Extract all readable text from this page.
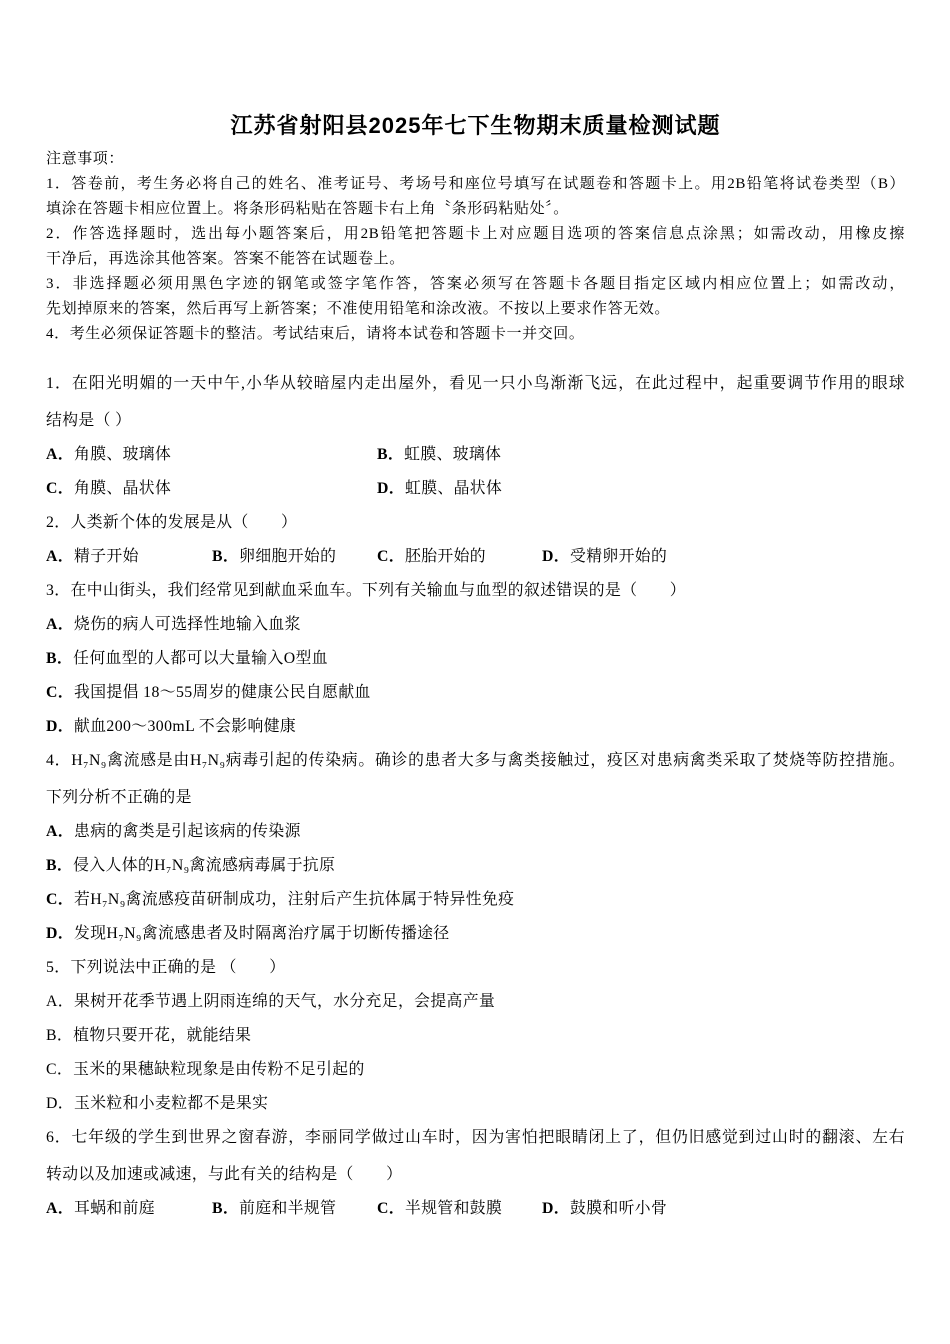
江苏省射阳县2025年七下生物期末质量检测试题
注意事项：
1．答卷前，考生务必将自己的姓名、准考证号、考场号和座位号填写在试题卷和答题卡上。用2B铅笔将试卷类型（B）
填涂在答题卡相应位置上。将条形码粘贴在答题卡右上角〝条形码粘贴处〞。
2．作答选择题时，选出每小题答案后，用2B铅笔把答题卡上对应题目选项的答案信息点涂黑；如需改动，用橡皮擦
干净后，再选涂其他答案。答案不能答在试题卷上。
3．非选择题必须用黑色字迹的钢笔或签字笔作答，答案必须写在答题卡各题目指定区域内相应位置上；如需改动，
先划掉原来的答案，然后再写上新答案；不准使用铅笔和涂改液。不按以上要求作答无效。
4．考生必须保证答题卡的整洁。考试结束后，请将本试卷和答题卡一并交回。
1．在阳光明媚的一天中午,小华从较暗屋内走出屋外，看见一只小鸟渐渐飞远，在此过程中，起重要调节作用的眼球
结构是（ ）
A．角膜、玻璃体	B．虹膜、玻璃体
C．角膜、晶状体	D．虹膜、晶状体
2．人类新个体的发展是从（　　）
A．精子开始	B．卵细胞开始的	C．胚胎开始的	D．受精卵开始的
3．在中山街头，我们经常见到献血采血车。下列有关输血与血型的叙述错误的是（　　）
A．烧伤的病人可选择性地输入血浆
B．任何血型的人都可以大量输入O型血
C．我国提倡 18～55周岁的健康公民自愿献血
D．献血200～300mL 不会影响健康
4．H₇N₉禽流感是由H₇N₉病毒引起的传染病。确诊的患者大多与禽类接触过，疫区对患病禽类采取了焚烧等防控措施。
下列分析不正确的是
A．患病的禽类是引起该病的传染源
B．侵入人体的H₇N₉禽流感病毒属于抗原
C．若H₇N₉禽流感疫苗研制成功，注射后产生抗体属于特异性免疫
D．发现H₇N₉禽流感患者及时隔离治疗属于切断传播途径
5．下列说法中正确的是 （　　）
A．果树开花季节遇上阴雨连绵的天气，水分充足，会提高产量
B．植物只要开花，就能结果
C．玉米的果穗缺粒现象是由传粉不足引起的
D．玉米粒和小麦粒都不是果实
6．七年级的学生到世界之窗春游，李丽同学做过山车时，因为害怕把眼睛闭上了，但仍旧感觉到过山时的翻滚、左右
转动以及加速或减速，与此有关的结构是（　　）
A．耳蜗和前庭	B．前庭和半规管	C．半规管和鼓膜	D．鼓膜和听小骨
